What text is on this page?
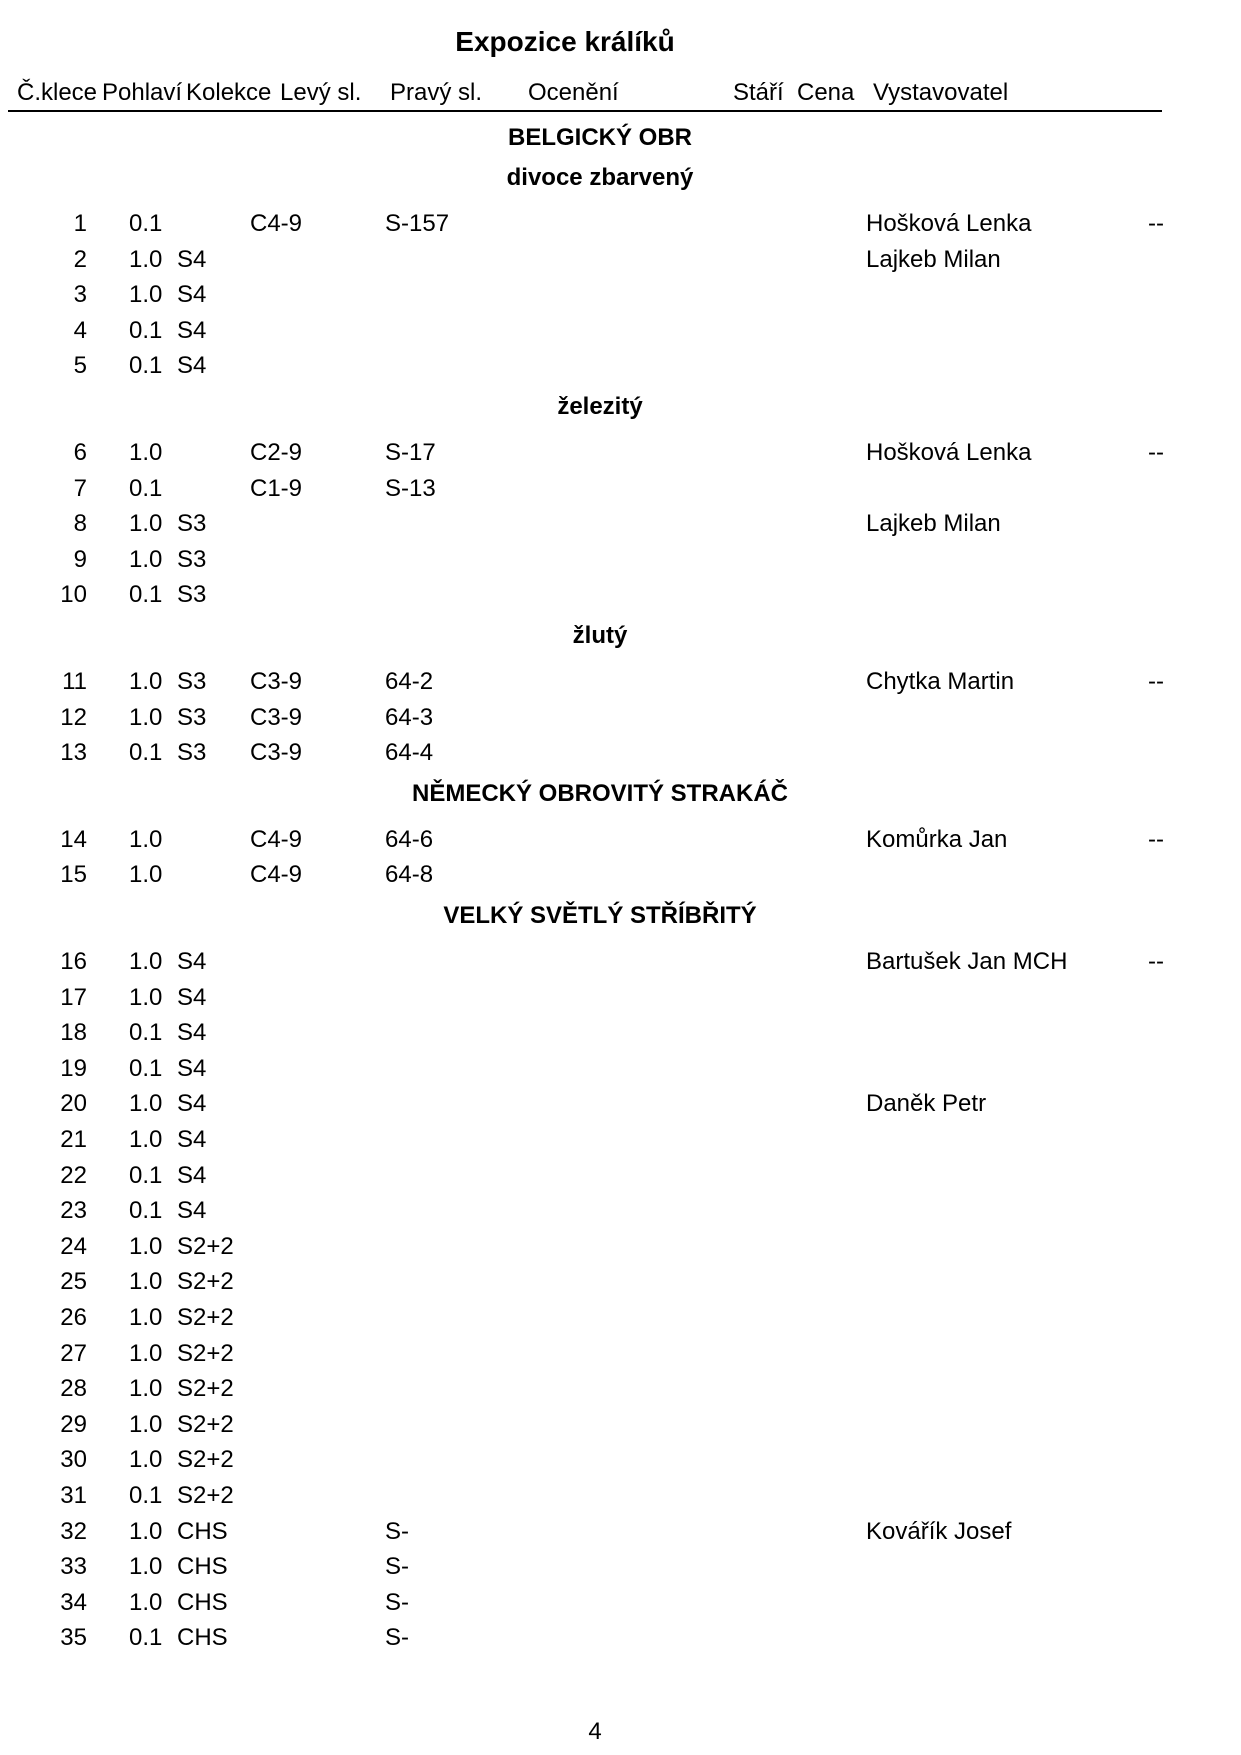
Expozice králíků
Č.klece Pohlaví Kolekce Levý sl. Pravý sl. Ocenění	Stáří Cena Vystavovatel
BELGICKÝ OBR
divoce zbarvený
1 0.1	C4-9	S-157	Hošková Lenka	--
2 1.0 S4	Lajkeb Milan
3 1.0 S4
4 0.1 S4
5 0.1 S4
železitý
6 1.0	C2-9	S-17	Hošková Lenka	--
7 0.1	C1-9	S-13
8 1.0 S3	Lajkeb Milan
9 1.0 S3
10 0.1 S3
žlutý
11 1.0 S3 C3-9	64-2	Chytka Martin	--
12 1.0 S3 C3-9	64-3
13 0.1 S3 C3-9	64-4
NĚMECKÝ OBROVITÝ STRAKÁČ
14 1.0	C4-9	64-6	Komůrka Jan	--
15 1.0	C4-9	64-8
VELKÝ SVĚTLÝ STŘÍBŘITÝ
16 1.0 S4	Bartušek Jan MCH	--
17 1.0 S4
18 0.1 S4
19 0.1 S4
20 1.0 S4	Daněk Petr
21 1.0 S4
22 0.1 S4
23 0.1 S4
24 1.0 S2+2
25 1.0 S2+2
26 1.0 S2+2
27 1.0 S2+2
28 1.0 S2+2
29 1.0 S2+2
30 1.0 S2+2
31 0.1 S2+2
32 1.0 CHS	S-	Kovářík Josef
33 1.0 CHS	S-
34 1.0 CHS	S-
35 0.1 CHS	S-
4
